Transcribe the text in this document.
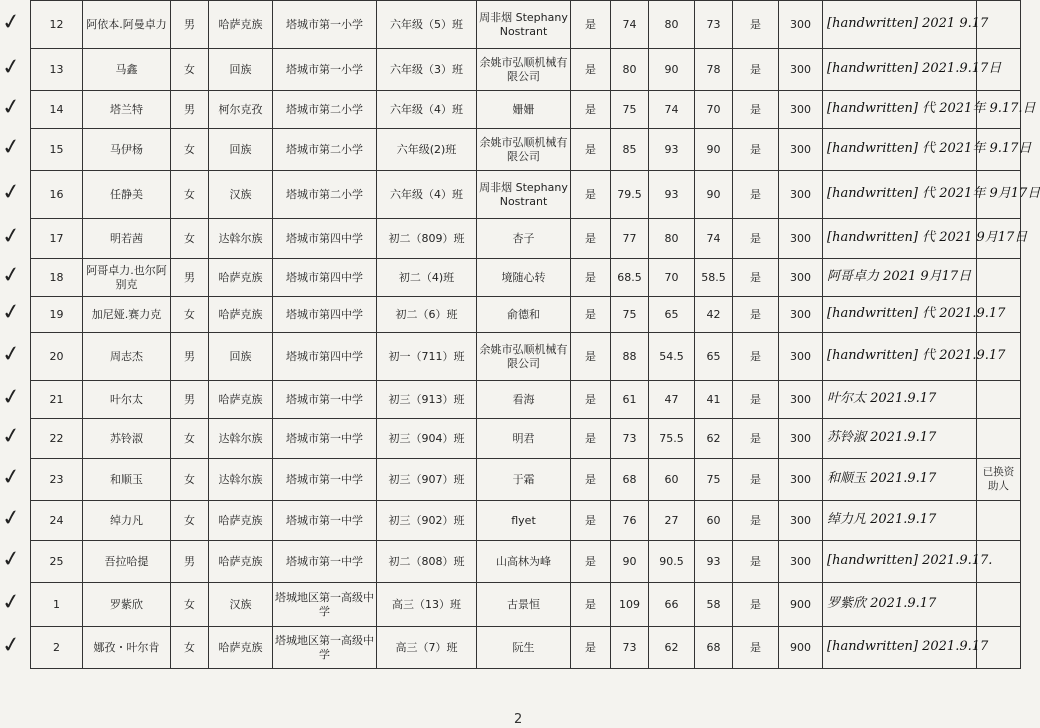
12	阿依本.阿曼卓力	男	哈萨克族	塔城市第一小学	六年级（5）班	周非烟 Stephany Nostrant	是	74	80	73	是	300	[handwritten] 2021 9.17	
13	马鑫	女	回族	塔城市第一小学	六年级（3）班	余姚市弘顺机械有限公司	是	80	90	78	是	300	[handwritten] 2021.9.17日	
14	塔兰特	男	柯尔克孜	塔城市第二小学	六年级（4）班	姗姗	是	75	74	70	是	300	[handwritten] 代 2021年 9.17.日	
15	马伊杨	女	回族	塔城市第二小学	六年级(2)班	余姚市弘顺机械有限公司	是	85	93	90	是	300	[handwritten] 代 2021年 9.17日	
16	任静美	女	汉族	塔城市第二小学	六年级（4）班	周非烟 Stephany Nostrant	是	79.5	93	90	是	300	[handwritten] 代 2021年 9月17日	
17	明若茜	女	达斡尔族	塔城市第四中学	初二（809）班	杏子	是	77	80	74	是	300	[handwritten] 代 2021 9月17日	
18	阿哥卓力.也尔阿别克	男	哈萨克族	塔城市第四中学	初二（4)班	境随心转	是	68.5	70	58.5	是	300	阿哥卓力 2021 9月17日	
19	加尼娅.赛力克	女	哈萨克族	塔城市第四中学	初二（6）班	俞德和	是	75	65	42	是	300	[handwritten] 代 2021.9.17	
20	周志杰	男	回族	塔城市第四中学	初一（711）班	余姚市弘顺机械有限公司	是	88	54.5	65	是	300	[handwritten] 代 2021.9.17	
21	叶尔太	男	哈萨克族	塔城市第一中学	初三（913）班	看海	是	61	47	41	是	300	叶尔太 2021.9.17	
22	苏铃淑	女	达斡尔族	塔城市第一中学	初三（904）班	明君	是	73	75.5	62	是	300	苏铃淑 2021.9.17	
23	和顺玉	女	达斡尔族	塔城市第一中学	初三（907）班	于霜	是	68	60	75	是	300	和顺玉 2021.9.17	已换资助人
24	绰力凡	女	哈萨克族	塔城市第一中学	初三（902）班	flyet	是	76	27	60	是	300	绰力凡 2021.9.17	
25	吾拉哈提	男	哈萨克族	塔城市第一中学	初二（808）班	山高林为峰	是	90	90.5	93	是	300	[handwritten] 2021.9.17.	
1	罗紫欣	女	汉族	塔城地区第一高级中学	高三（13）班	古景恒	是	109	66	58	是	900	罗紫欣 2021.9.17	
2	娜孜・叶尔肯	女	哈萨克族	塔城地区第一高级中学	高三（7）班	阮生	是	73	62	68	是	900	[handwritten] 2021.9.17	
2
✓
✓
✓
✓
✓
✓
✓
✓
✓
✓
✓
✓
✓
✓
✓
✓
